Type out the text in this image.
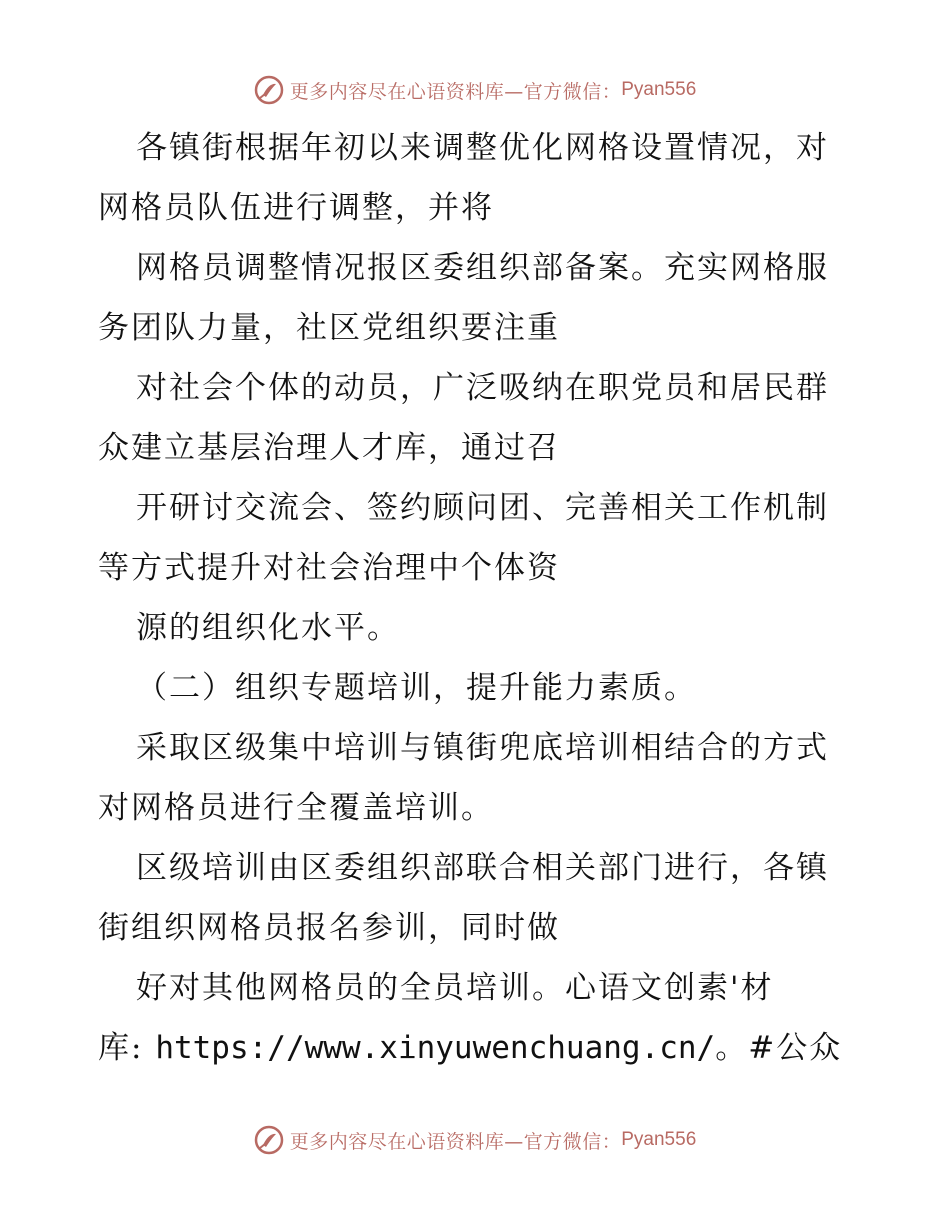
更多内容尽在心语资料库—官方微信： Pyan556
各镇街根据年初以来调整优化网格设置情况，对
网格员队伍进行调整，并将
网格员调整情况报区委组织部备案。充实网格服
务团队力量，社区党组织要注重
对社会个体的动员，广泛吸纳在职党员和居民群
众建立基层治理人才库，通过召
开研讨交流会、签约顾问团、完善相关工作机制
等方式提升对社会治理中个体资
源的组织化水平。
（二）组织专题培训，提升能力素质。
采取区级集中培训与镇街兜底培训相结合的方式
对网格员进行全覆盖培训。
区级培训由区委组织部联合相关部门进行，各镇
街组织网格员报名参训，同时做
好对其他网格员的全员培训。心语文创素'材
库: https://www.xinyuwenchuang.cn/。#公众
更多内容尽在心语资料库—官方微信： Pyan556
